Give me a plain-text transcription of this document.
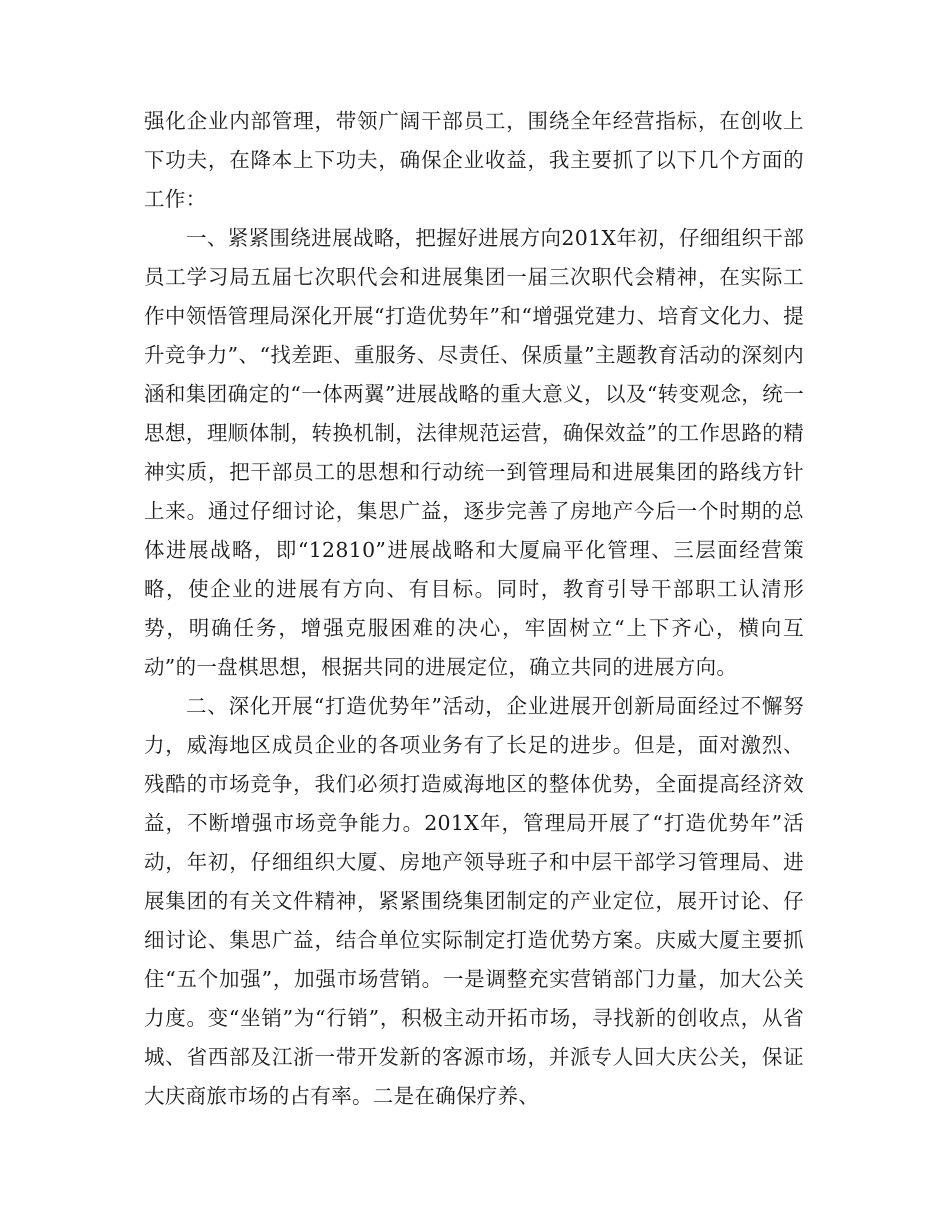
强化企业内部管理，带领广阔干部员工，围绕全年经营指标，在创收上下功夫，在降本上下功夫，确保企业收益，我主要抓了以下几个方面的工作：

一、紧紧围绕进展战略，把握好进展方向201X年初，仔细组织干部员工学习局五届七次职代会和进展集团一届三次职代会精神，在实际工作中领悟管理局深化开展“打造优势年”和“增强党建力、培育文化力、提升竞争力”、“找差距、重服务、尽责任、保质量”主题教育活动的深刻内涵和集团确定的“一体两翼”进展战略的重大意义，以及“转变观念，统一思想，理顺体制，转换机制，法律规范运营，确保效益”的工作思路的精神实质，把干部员工的思想和行动统一到管理局和进展集团的路线方针上来。通过仔细讨论，集思广益，逐步完善了房地产今后一个时期的总体进展战略，即“12810”进展战略和大厦扁平化管理、三层面经营策略，使企业的进展有方向、有目标。同时，教育引导干部职工认清形势，明确任务，增强克服困难的决心，牢固树立“上下齐心，横向互动”的一盘棋思想，根据共同的进展定位，确立共同的进展方向。

二、深化开展“打造优势年”活动，企业进展开创新局面经过不懈努力，威海地区成员企业的各项业务有了长足的进步。但是，面对激烈、残酷的市场竞争，我们必须打造威海地区的整体优势，全面提高经济效益，不断增强市场竞争能力。201X年，管理局开展了“打造优势年”活动，年初，仔细组织大厦、房地产领导班子和中层干部学习管理局、进展集团的有关文件精神，紧紧围绕集团制定的产业定位，展开讨论、仔细讨论、集思广益，结合单位实际制定打造优势方案。庆威大厦主要抓住“五个加强”，加强市场营销。一是调整充实营销部门力量，加大公关力度。变“坐销”为“行销”，积极主动开拓市场，寻找新的创收点，从省城、省西部及江浙一带开发新的客源市场，并派专人回大庆公关，保证大庆商旅市场的占有率。二是在确保疗养、
